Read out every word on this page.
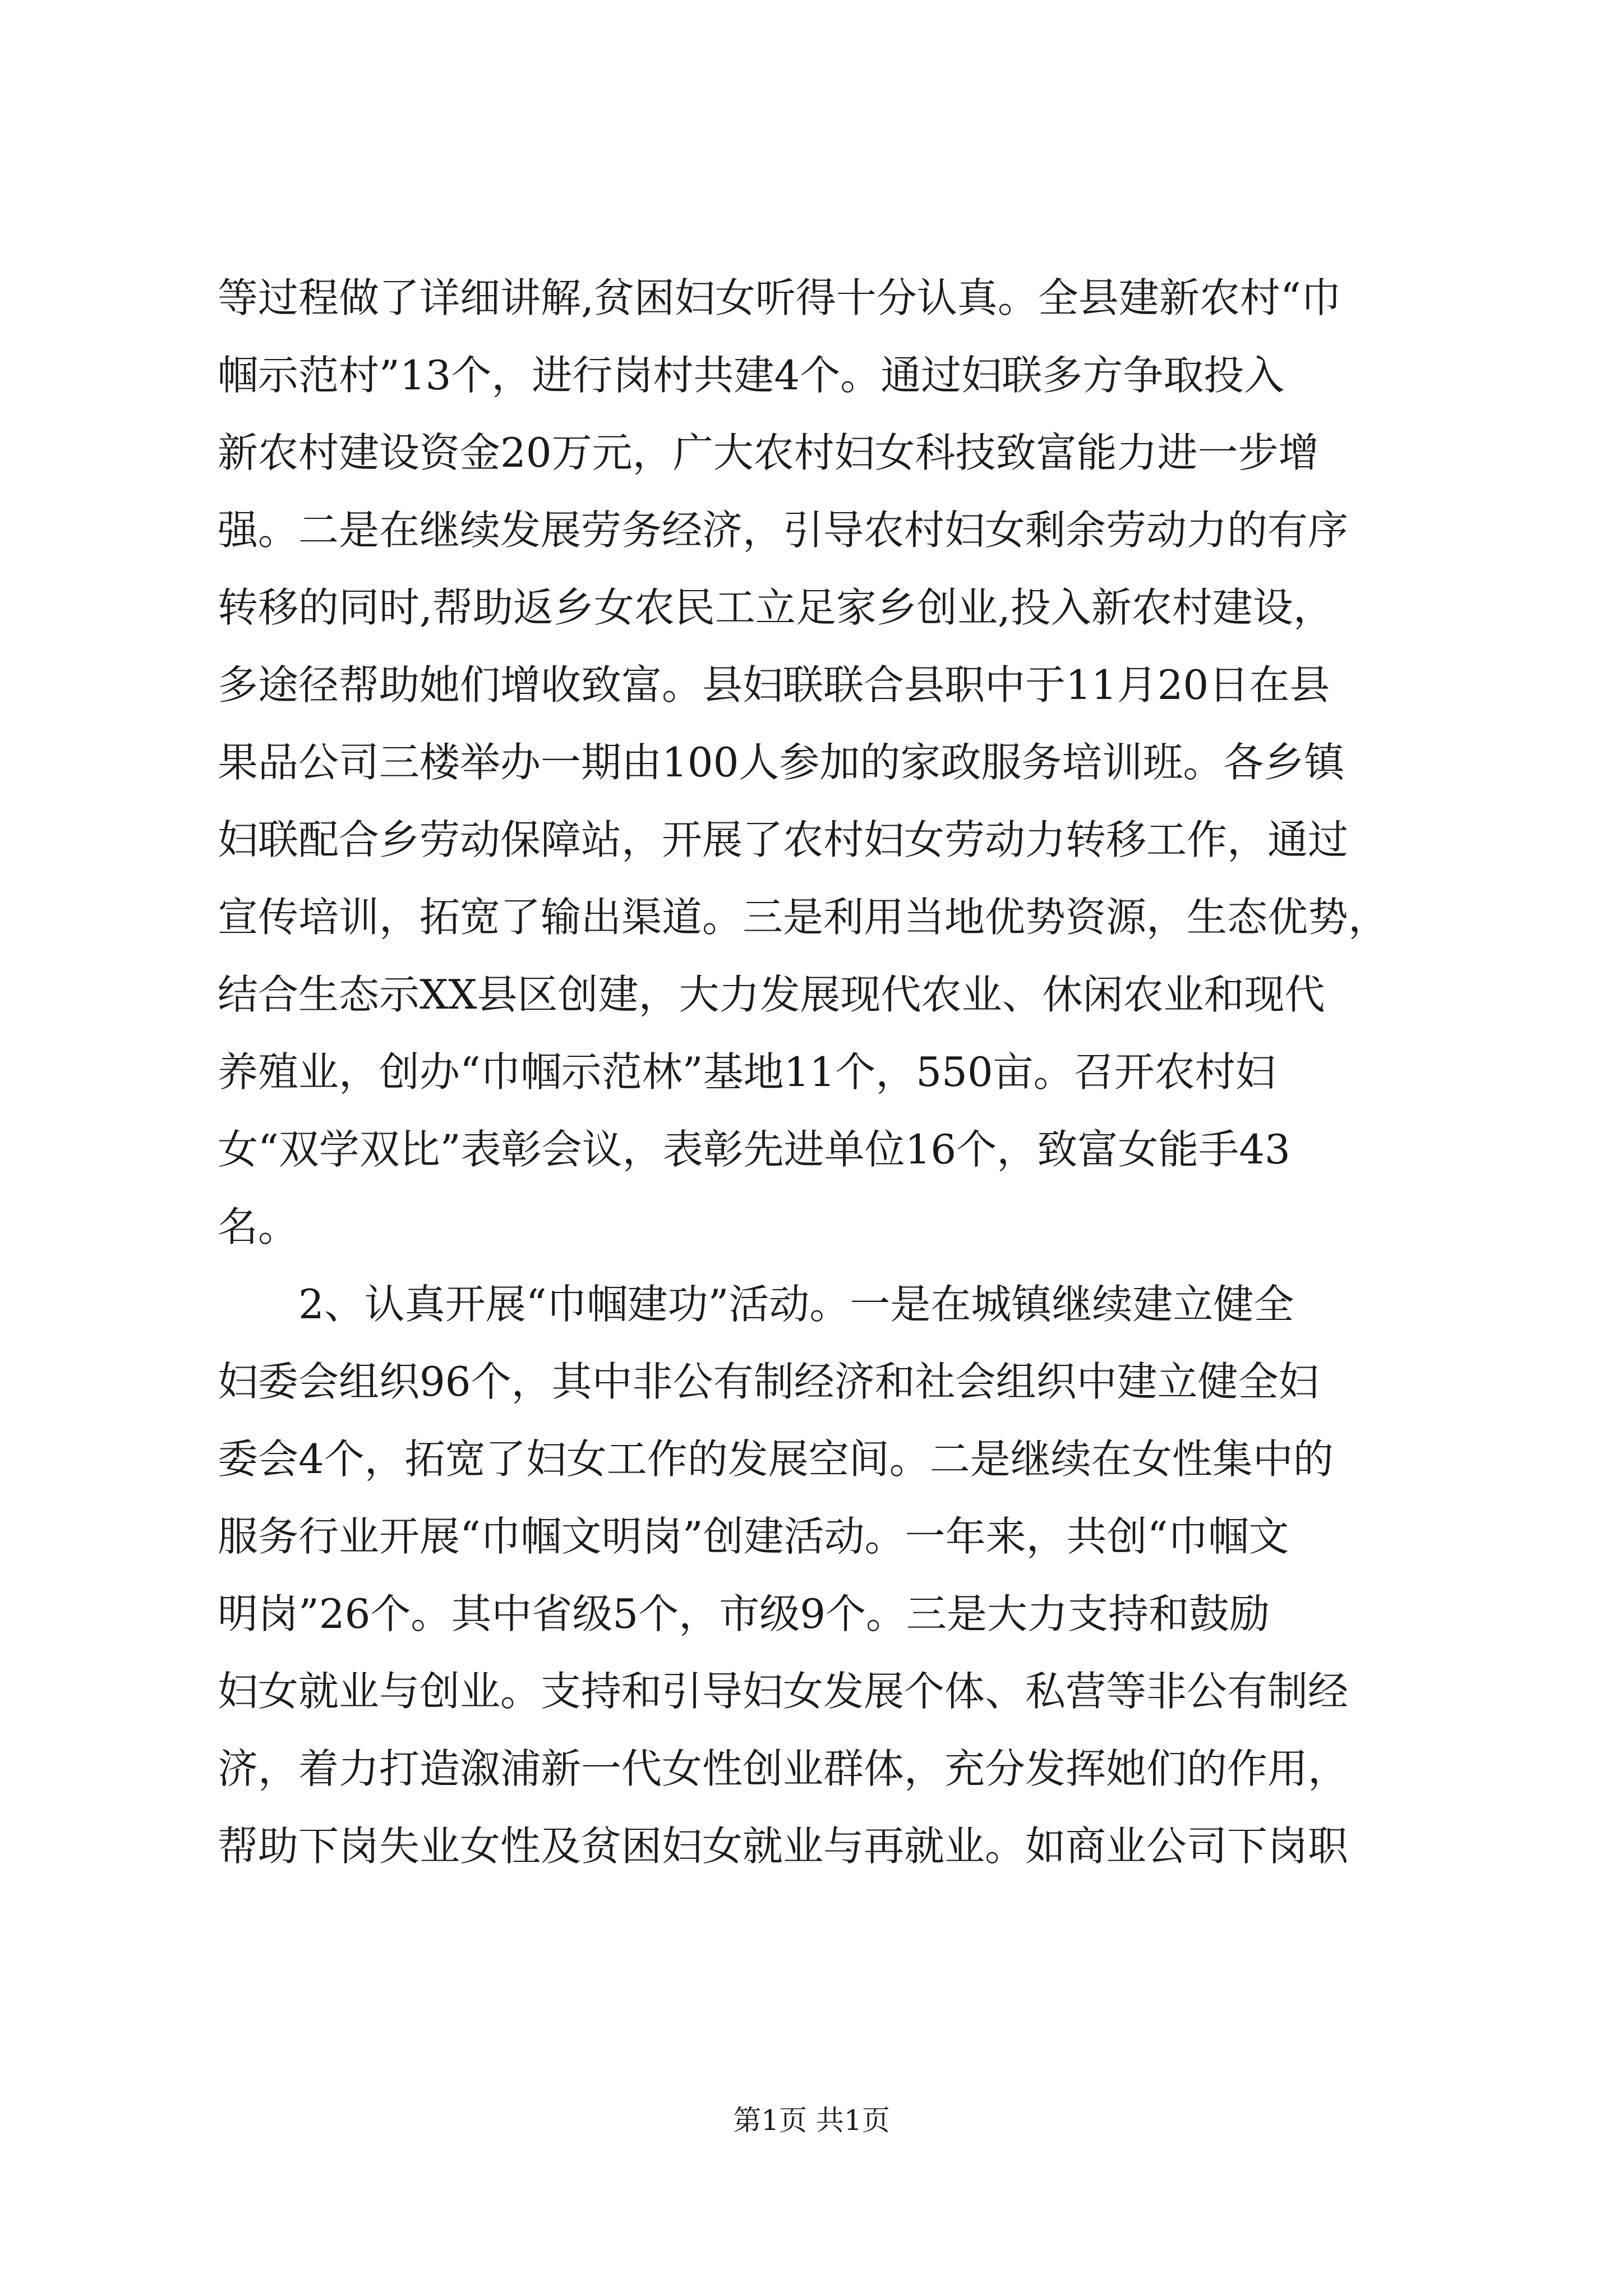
等过程做了详细讲解,贫困妇女听得十分认真。全县建新农村“巾
帼示范村”13个，进行岗村共建4个。通过妇联多方争取投入
新农村建设资金20万元，广大农村妇女科技致富能力进一步增
强。二是在继续发展劳务经济，引导农村妇女剩余劳动力的有序
转移的同时,帮助返乡女农民工立足家乡创业,投入新农村建设，
多途径帮助她们增收致富。县妇联联合县职中于11月20日在县
果品公司三楼举办一期由100人参加的家政服务培训班。各乡镇
妇联配合乡劳动保障站，开展了农村妇女劳动力转移工作，通过
宣传培训，拓宽了输出渠道。三是利用当地优势资源，生态优势，
结合生态示XX县区创建，大力发展现代农业、休闲农业和现代
养殖业，创办“巾帼示范林”基地11个，550亩。召开农村妇
女“双学双比”表彰会议，表彰先进单位16个，致富女能手43
名。
2、认真开展“巾帼建功”活动。一是在城镇继续建立健全
妇委会组织96个，其中非公有制经济和社会组织中建立健全妇
委会4个，拓宽了妇女工作的发展空间。二是继续在女性集中的
服务行业开展“巾帼文明岗”创建活动。一年来，共创“巾帼文
明岗”26个。其中省级5个，市级9个。三是大力支持和鼓励
妇女就业与创业。支持和引导妇女发展个体、私营等非公有制经
济，着力打造溆浦新一代女性创业群体，充分发挥她们的作用，
帮助下岗失业女性及贫困妇女就业与再就业。如商业公司下岗职
第1页 共1页
